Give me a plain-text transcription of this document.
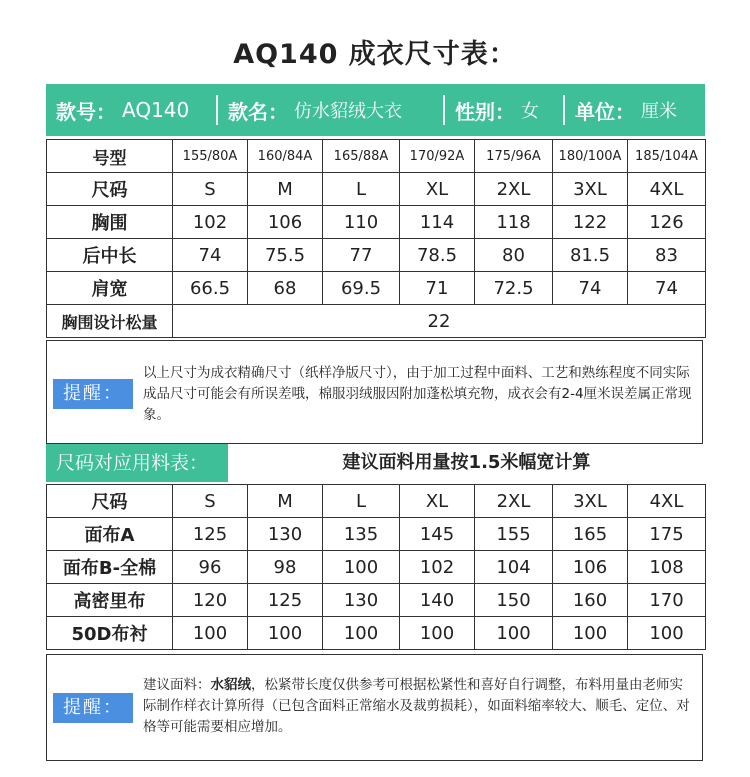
AQ140 成衣尺寸表：
款号： AQ140 款名： 仿水貂绒大衣	性别： 女 单位： 厘米
号型	155/80A	160/84A	165/88A	170/92A	175/96A	180/100A	185/104A
尺码	S	M	L	XL	2XL	3XL	4XL
胸围	102	106	110	114	118	122	126
后中长	74	75.5	77	78.5	80	81.5	83
肩宽	66.5	68	69.5	71	72.5	74	74
胸围设计松量	22						
提醒：
以上尺寸为成衣精确尺寸（纸样净版尺寸），由于加工过程中面料、工艺和熟练程度不同实际成品尺寸可能会有所误差哦，棉服羽绒服因附加蓬松填充物，成衣会有2-4厘米误差属正常现象。
尺码对应用料表：	建议面料用量按1.5米幅宽计算
尺码	S	M	L	XL	2XL	3XL	4XL
面布A	125	130	135	145	155	165	175
面布B-全棉	96	98	100	102	104	106	108
高密里布	120	125	130	140	150	160	170
50D布衬	100	100	100	100	100	100	100
提醒：
建议面料：水貂绒，松紧带长度仅供参考可根据松紧性和喜好自行调整，布料用量由老师实际制作样衣计算所得（已包含面料正常缩水及裁剪损耗），如面料缩率较大、顺毛、定位、对格等可能需要相应增加。
